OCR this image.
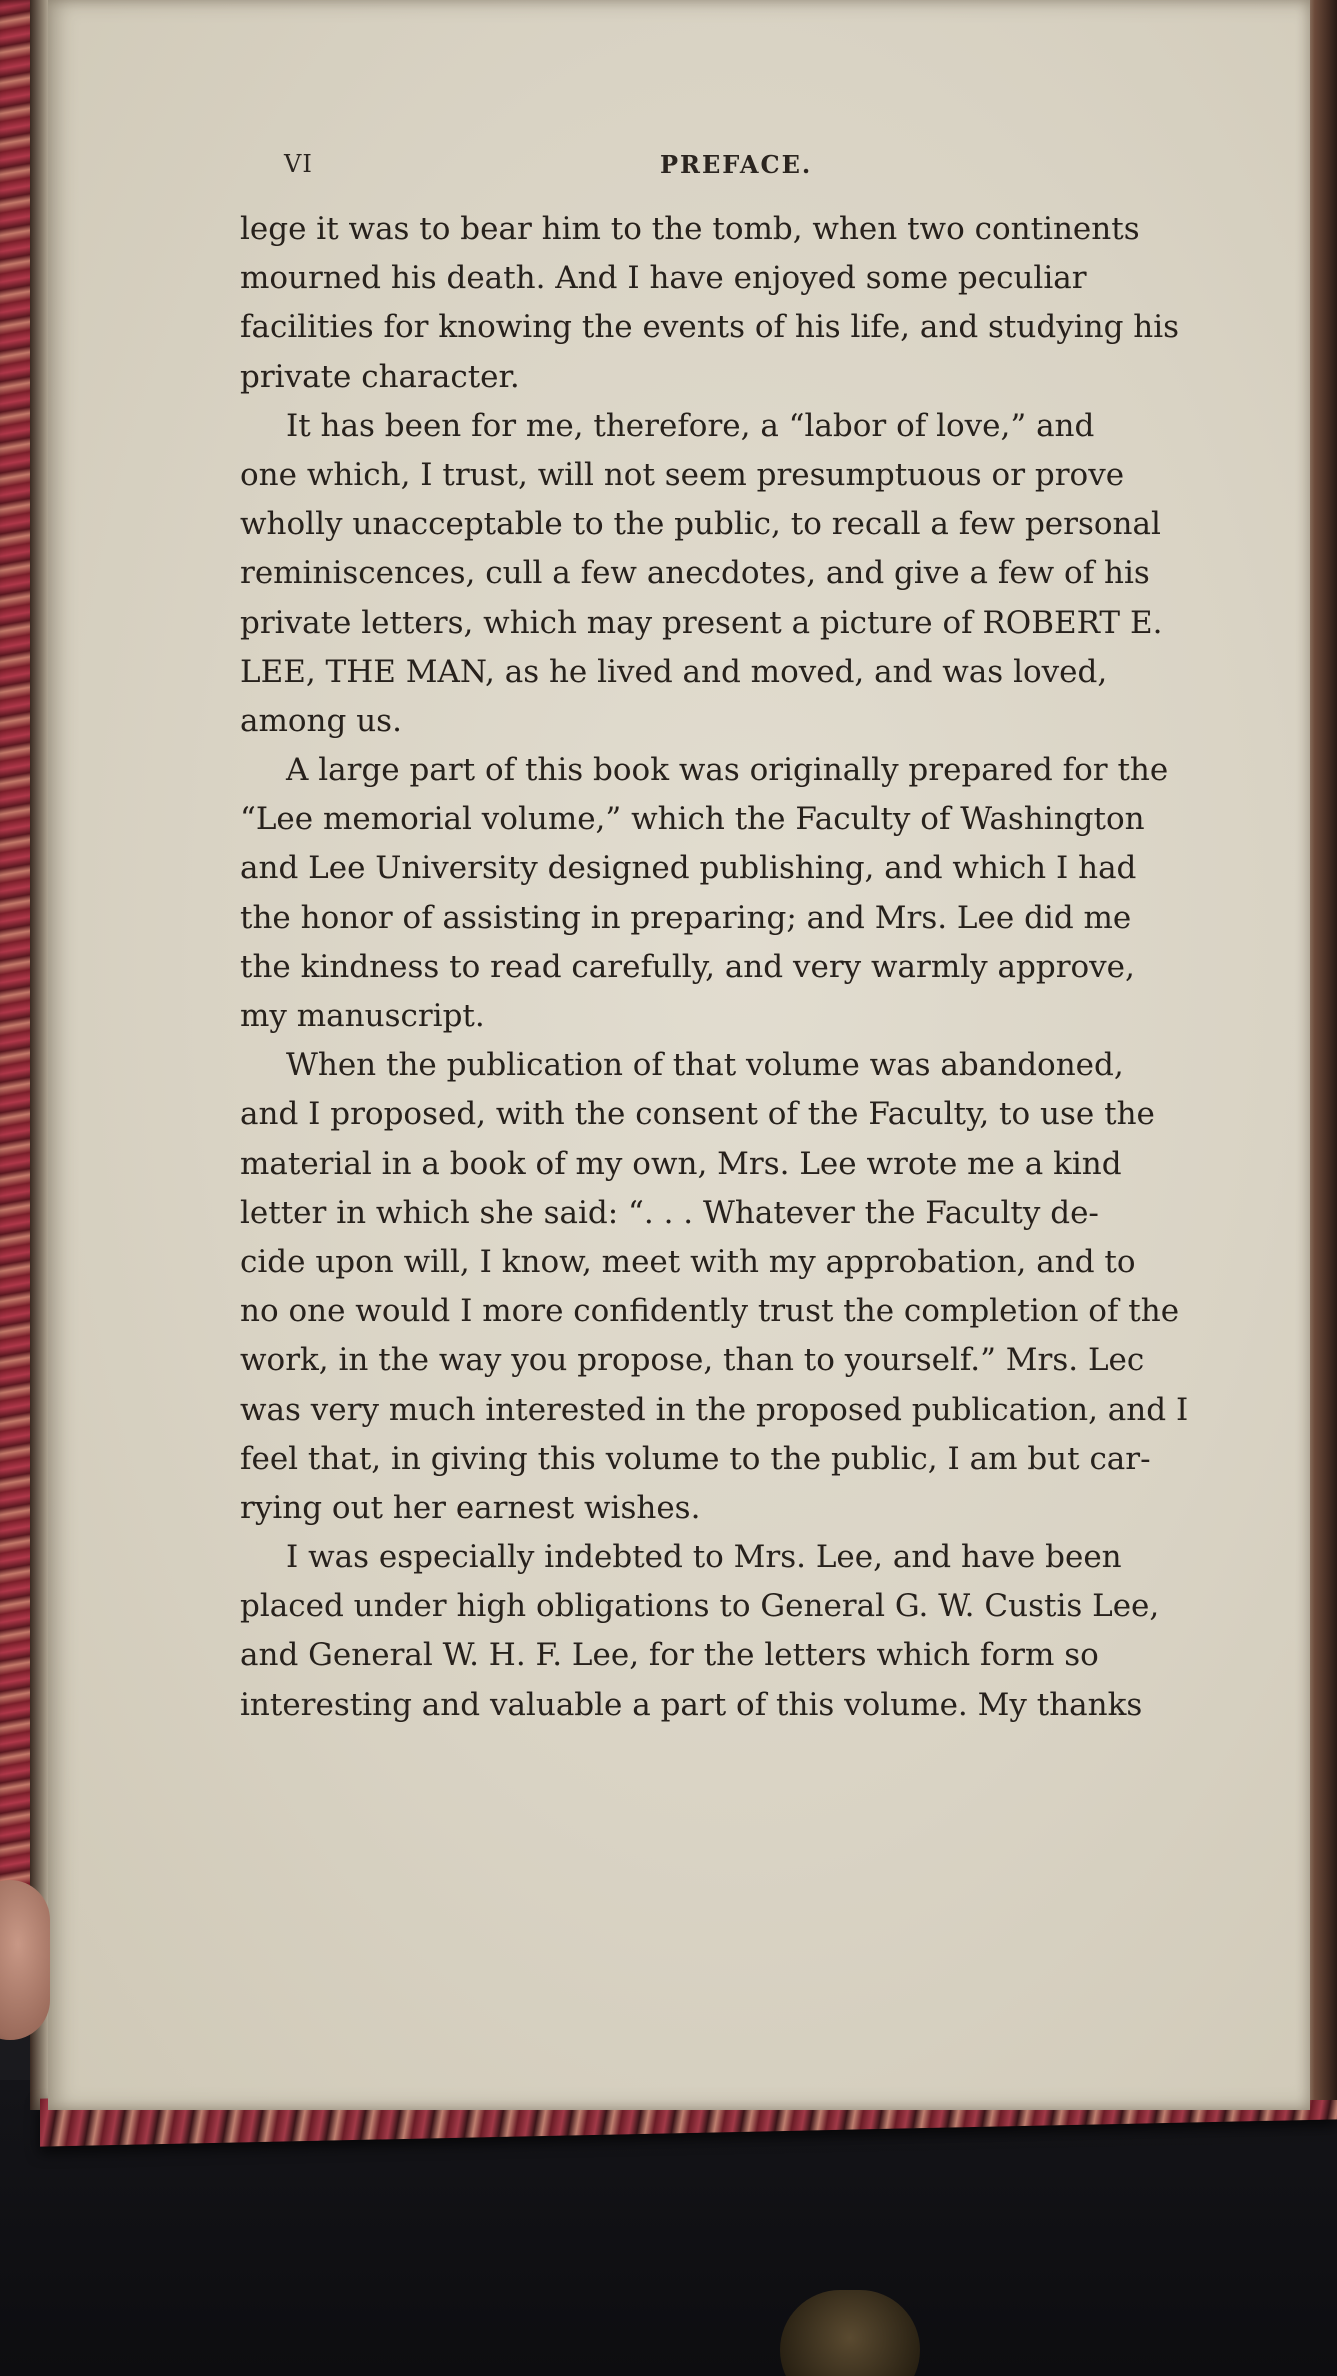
VI	PREFACE.
lege it was to bear him to the tomb, when two continents
mourned his death. And I have enjoyed some peculiar
facilities for knowing the events of his life, and studying his
private character.
It has been for me, therefore, a “labor of love,” and
one which, I trust, will not seem presumptuous or prove
wholly unacceptable to the public, to recall a few personal
reminiscences, cull a few anecdotes, and give a few of his
private letters, which may present a picture of ROBERT E.
LEE, THE MAN, as he lived and moved, and was loved,
among us.
A large part of this book was originally prepared for the
“Lee memorial volume,” which the Faculty of Washington
and Lee University designed publishing, and which I had
the honor of assisting in preparing; and Mrs. Lee did me
the kindness to read carefully, and very warmly approve,
my manuscript.
When the publication of that volume was abandoned,
and I proposed, with the consent of the Faculty, to use the
material in a book of my own, Mrs. Lee wrote me a kind
letter in which she said: “. . . Whatever the Faculty de-
cide upon will, I know, meet with my approbation, and to
no one would I more confidently trust the completion of the
work, in the way you propose, than to yourself.” Mrs. Lec
was very much interested in the proposed publication, and I
feel that, in giving this volume to the public, I am but car-
rying out her earnest wishes.
I was especially indebted to Mrs. Lee, and have been
placed under high obligations to General G. W. Custis Lee,
and General W. H. F. Lee, for the letters which form so
interesting and valuable a part of this volume. My thanks
